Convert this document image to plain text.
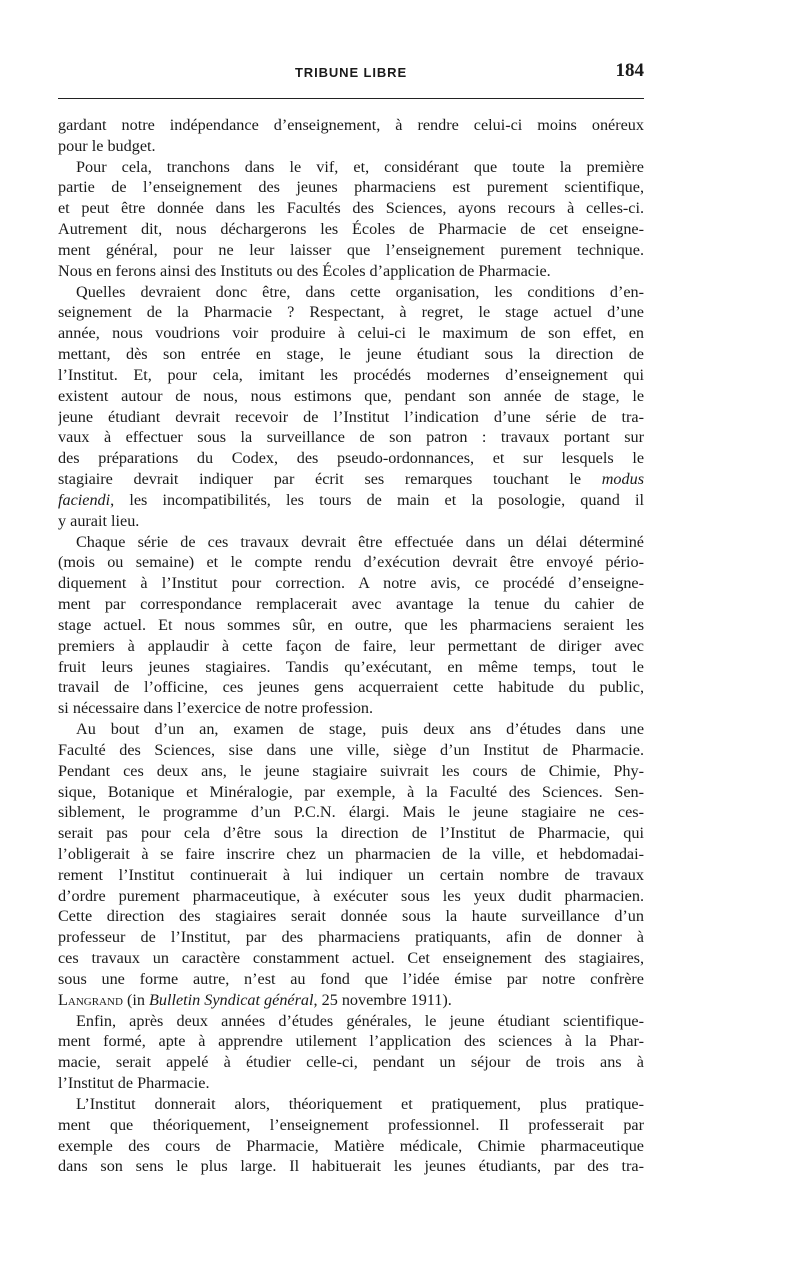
TRIBUNE LIBRE	184
gardant notre indépendance d’enseignement, à rendre celui-ci moins onéreux
pour le budget.
Pour cela, tranchons dans le vif, et, considérant que toute la première
partie de l’enseignement des jeunes pharmaciens est purement scientifique,
et peut être donnée dans les Facultés des Sciences, ayons recours à celles-ci.
Autrement dit, nous déchargerons les Écoles de Pharmacie de cet enseigne-
ment général, pour ne leur laisser que l’enseignement purement technique.
Nous en ferons ainsi des Instituts ou des Écoles d’application de Pharmacie.
Quelles devraient donc être, dans cette organisation, les conditions d’en-
seignement de la Pharmacie ? Respectant, à regret, le stage actuel d’une
année, nous voudrions voir produire à celui-ci le maximum de son effet, en
mettant, dès son entrée en stage, le jeune étudiant sous la direction de
l’Institut. Et, pour cela, imitant les procédés modernes d’enseignement qui
existent autour de nous, nous estimons que, pendant son année de stage, le
jeune étudiant devrait recevoir de l’Institut l’indication d’une série de tra-
vaux à effectuer sous la surveillance de son patron : travaux portant sur
des préparations du Codex, des pseudo-ordonnances, et sur lesquels le
stagiaire devrait indiquer par écrit ses remarques touchant le modus
faciendi, les incompatibilités, les tours de main et la posologie, quand il
y aurait lieu.
Chaque série de ces travaux devrait être effectuée dans un délai déterminé
(mois ou semaine) et le compte rendu d’exécution devrait être envoyé pério-
diquement à l’Institut pour correction. A notre avis, ce procédé d’enseigne-
ment par correspondance remplacerait avec avantage la tenue du cahier de
stage actuel. Et nous sommes sûr, en outre, que les pharmaciens seraient les
premiers à applaudir à cette façon de faire, leur permettant de diriger avec
fruit leurs jeunes stagiaires. Tandis qu’exécutant, en même temps, tout le
travail de l’officine, ces jeunes gens acquerraient cette habitude du public,
si nécessaire dans l’exercice de notre profession.
Au bout d’un an, examen de stage, puis deux ans d’études dans une
Faculté des Sciences, sise dans une ville, siège d’un Institut de Pharmacie.
Pendant ces deux ans, le jeune stagiaire suivrait les cours de Chimie, Phy-
sique, Botanique et Minéralogie, par exemple, à la Faculté des Sciences. Sen-
siblement, le programme d’un P.C.N. élargi. Mais le jeune stagiaire ne ces-
serait pas pour cela d’être sous la direction de l’Institut de Pharmacie, qui
l’obligerait à se faire inscrire chez un pharmacien de la ville, et hebdomadai-
rement l’Institut continuerait à lui indiquer un certain nombre de travaux
d’ordre purement pharmaceutique, à exécuter sous les yeux dudit pharmacien.
Cette direction des stagiaires serait donnée sous la haute surveillance d’un
professeur de l’Institut, par des pharmaciens pratiquants, afin de donner à
ces travaux un caractère constamment actuel. Cet enseignement des stagiaires,
sous une forme autre, n’est au fond que l’idée émise par notre confrère
Langrand (in Bulletin Syndicat général, 25 novembre 1911).
Enfin, après deux années d’études générales, le jeune étudiant scientifique-
ment formé, apte à apprendre utilement l’application des sciences à la Phar-
macie, serait appelé à étudier celle-ci, pendant un séjour de trois ans à
l’Institut de Pharmacie.
L’Institut donnerait alors, théoriquement et pratiquement, plus pratique-
ment que théoriquement, l’enseignement professionnel. Il professerait par
exemple des cours de Pharmacie, Matière médicale, Chimie pharmaceutique
dans son sens le plus large. Il habituerait les jeunes étudiants, par des tra-
